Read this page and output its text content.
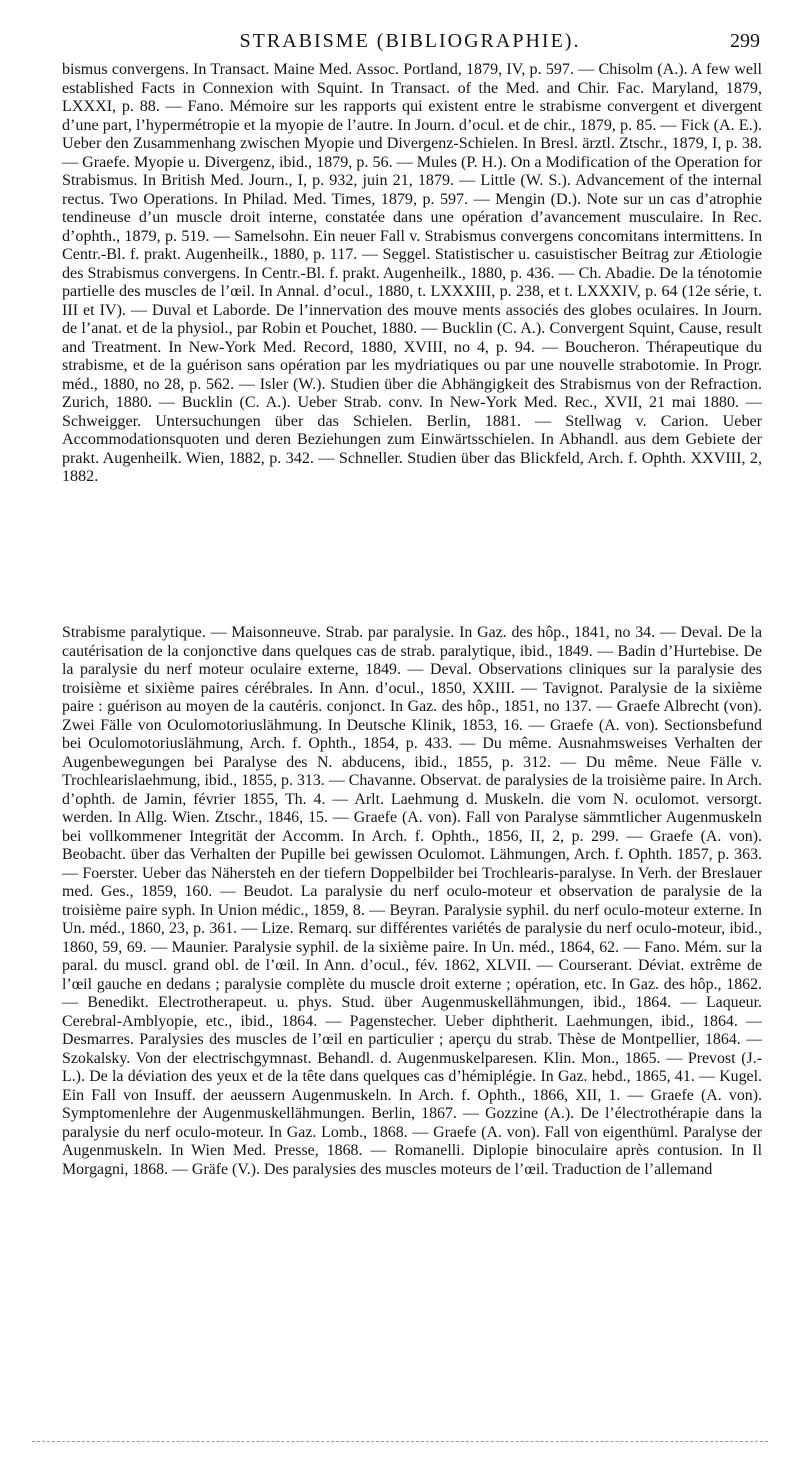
STRABISME (BIBLIOGRAPHIE).	299

bismus convergens. In Transact. Maine Med. Assoc. Portland, 1879, IV, p. 597. — Chisolm (A.). A few well established Facts in Connexion with Squint. In Transact. of the Med. and Chir. Fac. Maryland, 1879, LXXXI, p. 88. — Fano. Mémoire sur les rapports qui existent entre le strabisme convergent et divergent d’une part, l’hypermétropie et la myopie de l’autre. In Journ. d’ocul. et de chir., 1879, p. 85. — Fick (A. E.). Ueber den Zusammenhang zwischen Myopie und Divergenz-Schielen. In Bresl. ärztl. Ztschr., 1879, I, p. 38. — Graefe. Myopie u. Divergenz, ibid., 1879, p. 56. — Mules (P. H.). On a Modification of the Operation for Strabismus. In British Med. Journ., I, p. 932, juin 21, 1879. — Little (W. S.). Advancement of the internal rectus. Two Operations. In Philad. Med. Times, 1879, p. 597. — Mengin (D.). Note sur un cas d’atrophie tendineuse d’un muscle droit interne, constatée dans une opération d’avancement musculaire. In Rec. d’ophth., 1879, p. 519. — Samelsohn. Ein neuer Fall v. Strabismus convergens concomitans intermittens. In Centr.-Bl. f. prakt. Augenheilk., 1880, p. 117. — Seggel. Statistischer u. casuistischer Beitrag zur Ætiologie des Strabismus convergens. In Centr.-Bl. f. prakt. Augenheilk., 1880, p. 436. — Ch. Abadie. De la ténotomie partielle des muscles de l’œil. In Annal. d’ocul., 1880, t. LXXXIII, p. 238, et t. LXXXIV, p. 64 (12e série, t. III et IV). — Duval et Laborde. De l’innervation des mouve ments associés des globes oculaires. In Journ. de l’anat. et de la physiol., par Robin et Pouchet, 1880. — Bucklin (C. A.). Convergent Squint, Cause, result and Treatment. In New-York Med. Record, 1880, XVIII, no 4, p. 94. — Boucheron. Thérapeutique du strabisme, et de la guérison sans opération par les mydriatiques ou par une nouvelle strabotomie. In Progr. méd., 1880, no 28, p. 562. — Isler (W.). Studien über die Abhängigkeit des Strabismus von der Refraction. Zurich, 1880. — Bucklin (C. A.). Ueber Strab. conv. In New-York Med. Rec., XVII, 21 mai 1880. — Schweigger. Untersuchungen über das Schielen. Berlin, 1881. — Stellwag v. Carion. Ueber Accommodationsquoten und deren Beziehungen zum Einwärtsschielen. In Abhandl. aus dem Gebiete der prakt. Augenheilk. Wien, 1882, p. 342. — Schneller. Studien über das Blickfeld, Arch. f. Ophth. XXVIII, 2, 1882.

Strabisme paralytique. — Maisonneuve. Strab. par paralysie. In Gaz. des hôp., 1841, no 34. — Deval. De la cautérisation de la conjonctive dans quelques cas de strab. paralytique, ibid., 1849. — Badin d’Hurtebise. De la paralysie du nerf moteur oculaire externe, 1849. — Deval. Observations cliniques sur la paralysie des troisième et sixième paires cérébrales. In Ann. d’ocul., 1850, XXIII. — Tavignot. Paralysie de la sixième paire : guérison au moyen de la cautéris. conjonct. In Gaz. des hôp., 1851, no 137. — Graefe Albrecht (von). Zwei Fälle von Oculomotoriuslähmung. In Deutsche Klinik, 1853, 16. — Graefe (A. von). Sectionsbefund bei Oculomotoriuslähmung, Arch. f. Ophth., 1854, p. 433. — Du même. Ausnahmsweises Verhalten der Augenbewegungen bei Paralyse des N. abducens, ibid., 1855, p. 312. — Du même. Neue Fälle v. Trochlearislaehmung, ibid., 1855, p. 313. — Chavanne. Observat. de paralysies de la troisième paire. In Arch. d’ophth. de Jamin, février 1855, Th. 4. — Arlt. Laehmung d. Muskeln. die vom N. oculomot. versorgt. werden. In Allg. Wien. Ztschr., 1846, 15. — Graefe (A. von). Fall von Paralyse sämmtlicher Augenmuskeln bei vollkommener Integrität der Accomm. In Arch. f. Ophth., 1856, II, 2, p. 299. — Graefe (A. von). Beobacht. über das Verhalten der Pupille bei gewissen Oculomot. Lähmungen, Arch. f. Ophth. 1857, p. 363. — Foerster. Ueber das Nähersteh en der tiefern Doppelbilder bei Trochlearis-paralyse. In Verh. der Breslauer med. Ges., 1859, 160. — Beudot. La paralysie du nerf oculo-moteur et observation de paralysie de la troisième paire syph. In Union médic., 1859, 8. — Beyran. Paralysie syphil. du nerf oculo-moteur externe. In Un. méd., 1860, 23, p. 361. — Lize. Remarq. sur différentes variétés de paralysie du nerf oculo-moteur, ibid., 1860, 59, 69. — Maunier. Paralysie syphil. de la sixième paire. In Un. méd., 1864, 62. — Fano. Mém. sur la paral. du muscl. grand obl. de l’œil. In Ann. d’ocul., fév. 1862, XLVII. — Courserant. Déviat. extrême de l’œil gauche en dedans ; paralysie complète du muscle droit externe ; opération, etc. In Gaz. des hôp., 1862. — Benedikt. Electrotherapeut. u. phys. Stud. über Augenmuskellähmungen, ibid., 1864. — Laqueur. Cerebral-Amblyopie, etc., ibid., 1864. — Pagenstecher. Ueber diphtherit. Laehmungen, ibid., 1864. — Desmarres. Paralysies des muscles de l’œil en particulier ; aperçu du strab. Thèse de Montpellier, 1864. — Szokalsky. Von der electrischgymnast. Behandl. d. Augenmuskelparesen. Klin. Mon., 1865. — Prevost (J.-L.). De la déviation des yeux et de la tête dans quelques cas d’hémiplégie. In Gaz. hebd., 1865, 41. — Kugel. Ein Fall von Insuff. der aeussern Augenmuskeln. In Arch. f. Ophth., 1866, XII, 1. — Graefe (A. von). Symptomenlehre der Augenmuskellähmungen. Berlin, 1867. — Gozzine (A.). De l’électrothérapie dans la paralysie du nerf oculo-moteur. In Gaz. Lomb., 1868. — Graefe (A. von). Fall von eigenthüml. Paralyse der Augenmuskeln. In Wien Med. Presse, 1868. — Romanelli. Diplopie binoculaire après contusion. In Il Morgagni, 1868. — Gräfe (V.). Des paralysies des muscles moteurs de l’œil. Traduction de l’allemand
